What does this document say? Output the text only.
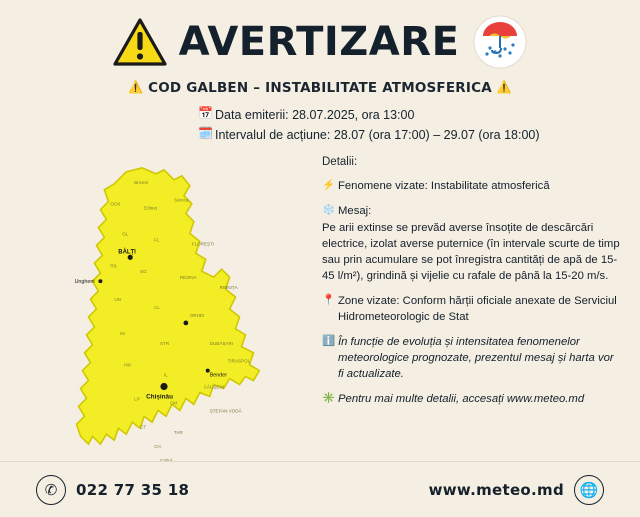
AVERTIZARE
⚠️ COD GALBEN – INSTABILITATE ATMOSFERICA ⚠️
📅 Data emiterii: 28.07.2025, ora 13:00
🗓️ Intervalul de acțiune: 28.07 (ora 17:00) – 29.07 (ora 18:00)
Briceni
OCN
Edineț
Soroca
GL
FL
FLOREȘTI
RS
SG
REZINA
RIBNIȚA
UN
CL
ORHEI
NI
STR	DUBĂSARI
TIRASPOL
HN
IL
CĂUȘENI
LP
CM
ȘTEFAN VODĂ
CT
TAR
CH
BĂLȚI
Chișinău
Ungheni
Bender
Detalii:
⚡ Fenomene vizate: Instabilitate atmosferică

❄️ Mesaj:

Pe arii extinse se prevăd averse însoțite de descărcări electrice, izolat averse puternice (în intervale scurte de timp sau prin acumulare se pot înregistra cantități de apă de 15-45 l/m²), grindină și vijelie cu rafale de până la 15-20 m/s.

📍 Zone vizate: Conform hărții oficiale anexate de Serviciul Hidrometeorologic de Stat

ℹ️ În funcție de evoluția și intensitatea fenomenelor meteorologice prognozate, prezentul mesaj și harta vor fi actualizate.

✳️ Pentru mai multe detalii, accesați www.meteo.md

✆	022 77 35 18	www.meteo.md	🌐
